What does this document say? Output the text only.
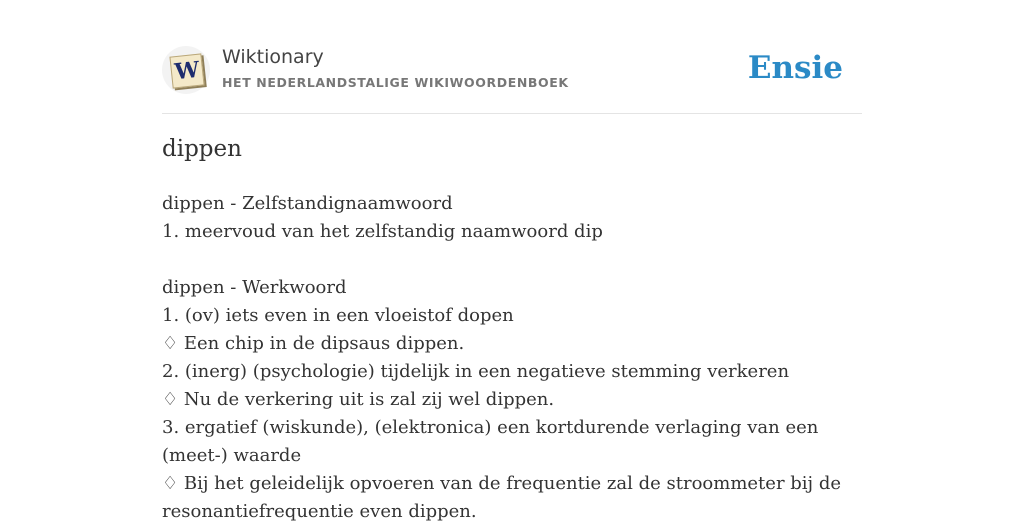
W Wiktionary
HET NEDERLANDSTALIGE WIKIWOORDENBOEK	Ensie
dippen
dippen - Zelfstandignaamwoord
1. meervoud van het zelfstandig naamwoord dip
dippen - Werkwoord
1. (ov) iets even in een vloeistof dopen
♢ Een chip in de dipsaus dippen.
2. (inerg) (psychologie) tijdelijk in een negatieve stemming verkeren
♢ Nu de verkering uit is zal zij wel dippen.
3. ergatief (wiskunde), (elektronica) een kortdurende verlaging van een (meet-) waarde
♢ Bij het geleidelijk opvoeren van de frequentie zal de stroommeter bij de resonantiefrequentie even dippen.
